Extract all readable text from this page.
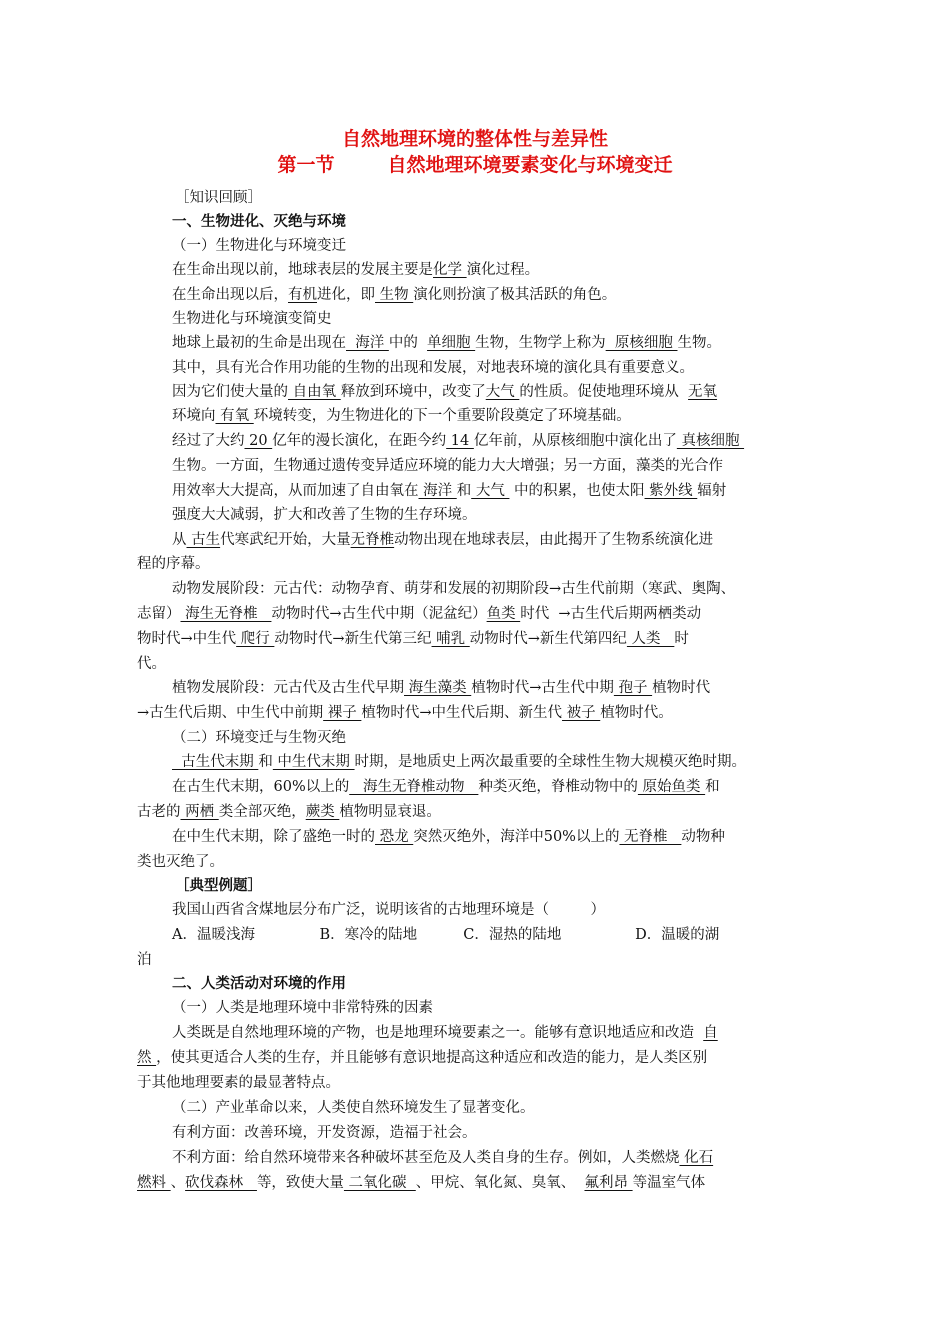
自然地理环境的整体性与差异性
第一节        自然地理环境要素变化与环境变迁
［知识回顾］
一、生物进化、灭绝与环境
（一）生物进化与环境变迁
在生命出现以前，地球表层的发展主要是化学 演化过程。
在生命出现以后，有机进化，即 生物 演化则扮演了极其活跃的角色。
生物进化与环境演变简史
地球上最初的生命是出现在  海洋 中的  单细胞 生物，生物学上称为  原核细胞 生物。
其中，具有光合作用功能的生物的出现和发展，对地表环境的演化具有重要意义。
因为它们使大量的 自由氧 释放到环境中，改变了大气 的性质。促使地理环境从  无氧
环境向 有氧 环境转变，为生物进化的下一个重要阶段奠定了环境基础。
经过了大约 20 亿年的漫长演化，在距今约 14 亿年前，从原核细胞中演化出了 真核细胞
生物。一方面，生物通过遗传变异适应环境的能力大大增强；另一方面，藻类的光合作
用效率大大提高，从而加速了自由氧在 海洋 和 大气  中的积累，也使太阳 紫外线 辐射
强度大大减弱，扩大和改善了生物的生存环境。
从 古生代寒武纪开始，大量无脊椎动物出现在地球表层，由此揭开了生物系统演化进
程的序幕。
动物发展阶段：元古代：动物孕育、萌芽和发展的初期阶段→古生代前期（寒武、奥陶、
志留） 海生无脊椎   动物时代→古生代中期（泥盆纪）鱼类 时代  →古生代后期两栖类动
物时代→中生代 爬行 动物时代→新生代第三纪 哺乳 动物时代→新生代第四纪 人类   时
代。
植物发展阶段：元古代及古生代早期 海生藻类 植物时代→古生代中期 孢子 植物时代
→古生代后期、中生代中前期 裸子 植物时代→中生代后期、新生代 被子 植物时代。
（二）环境变迁与生物灭绝
古生代末期 和 中生代末期 时期，是地质史上两次最重要的全球性生物大规模灭绝时期。
在古生代末期，60%以上的   海生无脊椎动物   种类灭绝，脊椎动物中的 原始鱼类 和
古老的 两栖 类全部灭绝，蕨类 植物明显衰退。
在中生代末期，除了盛绝一时的 恐龙 突然灭绝外，海洋中50%以上的 无脊椎   动物种
类也灭绝了。
［典型例题］
我国山西省含煤地层分布广泛，说明该省的古地理环境是（         ）
A．温暖浅海              B．寒冷的陆地          C．湿热的陆地                D．温暖的湖
泊
二、人类活动对环境的作用
（一）人类是地理环境中非常特殊的因素
人类既是自然地理环境的产物，也是地理环境要素之一。能够有意识地适应和改造  自
然 ，使其更适合人类的生存，并且能够有意识地提高这种适应和改造的能力，是人类区别
于其他地理要素的最显著特点。
（二）产业革命以来，人类使自然环境发生了显著变化。
有利方面：改善环境，开发资源，造福于社会。
不利方面：给自然环境带来各种破坏甚至危及人类自身的生存。例如，人类燃烧 化石
燃料 、砍伐森林   等，致使大量 二氧化碳  、甲烷、氧化氮、臭氧、  氟利昂 等温室气体
